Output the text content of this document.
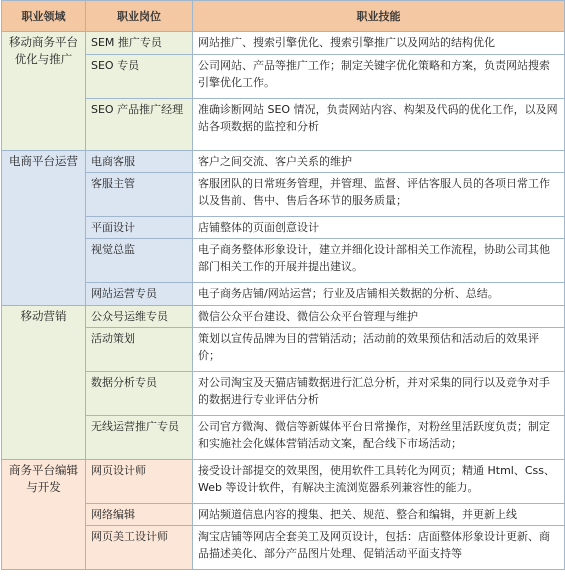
职业领域	职业岗位	职业技能
移动商务平台优化与推广	SEM 推广专员	网站推广、搜索引擎优化、搜索引擎推广以及网站的结构优化
	SEO 专员	公司网站、产品等推广工作；制定关键字优化策略和方案，负责网站搜索引擎优化工作。
	SEO 产品推广经理	准确诊断网站 SEO 情况，负责网站内容、构架及代码的优化工作，以及网站各项数据的监控和分析
电商平台运营	电商客服	客户之间交流、客户关系的维护
	客服主管	客服团队的日常班务管理，并管理、监督、评估客服人员的各项日常工作以及售前、售中、售后各环节的服务质量；
	平面设计	店铺整体的页面创意设计
	视觉总监	电子商务整体形象设计，建立并细化设计部相关工作流程，协助公司其他部门相关工作的开展并提出建议。
	网站运营专员	电子商务店铺/网站运营；行业及店铺相关数据的分析、总结。
移动营销	公众号运维专员	微信公众平台建设、微信公众平台管理与维护
	活动策划	策划以宣传品牌为目的营销活动；活动前的效果预估和活动后的效果评价；
	数据分析专员	对公司淘宝及天猫店铺数据进行汇总分析，并对采集的同行以及竞争对手的数据进行专业评估分析
	无线运营推广专员	公司官方微淘、微信等新媒体平台日常操作，对粉丝里活跃度负责；制定和实施社会化媒体营销活动文案，配合线下市场活动；
商务平台编辑与开发	网页设计师	接受设计部提交的效果图，使用软件工具转化为网页；精通 Html、Css、Web 等设计软件，有解决主流浏览器系列兼容性的能力。
	网络编辑	网站频道信息内容的搜集、把关、规范、整合和编辑，并更新上线
	网页美工设计师	淘宝店铺等网店全套美工及网页设计，包括：店面整体形象设计更新、商品描述美化、部分产品图片处理、促销活动平面支持等
